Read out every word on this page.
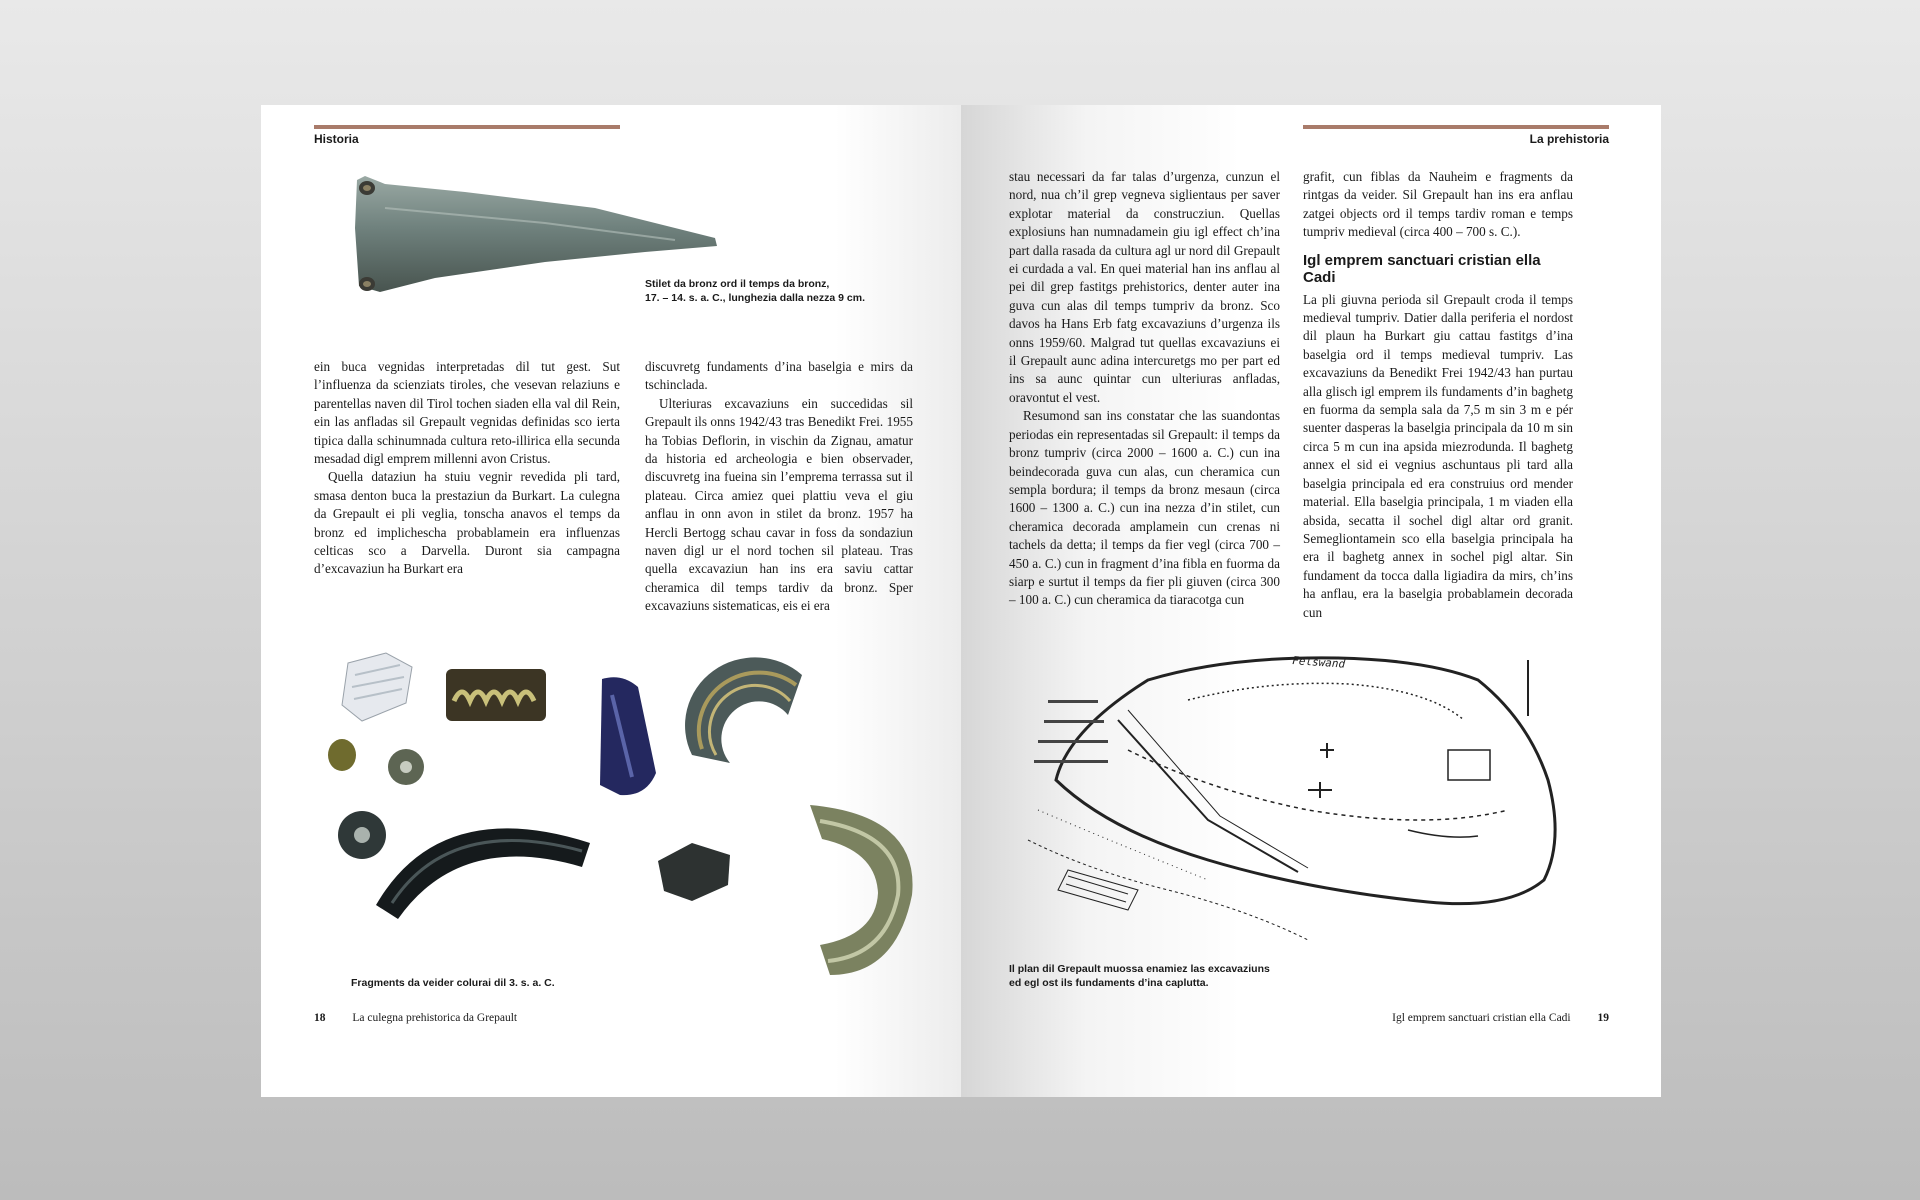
Historia
Stilet da bronz ord il temps da bronz,
17. – 14. s. a. C., lunghezia dalla nezza 9 cm.

ein buca vegnidas interpretadas dil tut gest. Sut l’influenza da scienziats tiroles, che vesevan relaziuns e parentellas naven dil Tirol tochen siaden ella val dil Rein, ein las anfladas sil Grepault vegnidas definidas sco ierta tipica dalla schinumnada cultura reto-illirica ella secunda mesadad digl emprem millenni avon Cristus.

Quella dataziun ha stuiu vegnir revedida pli tard, smasa denton buca la prestaziun da Burkart. La culegna da Grepault ei pli veglia, tonscha anavos el temps da bronz ed implichescha probablamein era influenzas celticas sco a Darvella. Duront sia campagna d’excavaziun ha Burkart era

discuvretg fundaments d’ina baselgia e mirs da tschinclada.

Ulteriuras excavaziuns ein succedidas sil Grepault ils onns 1942/43 tras Benedikt Frei. 1955 ha Tobias Deflorin, in vischin da Zignau, amatur da historia ed archeologia e bien observader, discuvretg ina fueina sin l’emprema terrassa sut il plateau. Circa amiez quei plattiu veva el giu anflau in onn avon in stilet da bronz. 1957 ha Hercli Bertogg schau cavar in foss da sondaziun naven digl ur el nord tochen sil plateau. Tras quella excavaziun han ins era saviu cattar cheramica dil temps tardiv da bronz. Sper excavaziuns sistematicas, eis ei era

Fragments da veider colurai dil 3. s. a. C.
18 La culegna prehistorica da Grepault
La prehistoria

stau necessari da far talas d’urgenza, cunzun el nord, nua ch’il grep vegneva siglientaus per saver explotar material da construcziun. Quellas explosiuns han numnadamein giu igl effect ch’ina part dalla rasada da cultura agl ur nord dil Grepault ei curdada a val. En quei material han ins anflau al pei dil grep fastitgs prehistorics, denter auter ina guva cun alas dil temps tumpriv da bronz. Sco davos ha Hans Erb fatg excavaziuns d’urgenza ils onns 1959/60. Malgrad tut quellas excavaziuns ei il Grepault aunc adina intercuretgs mo per part ed ins sa aunc quintar cun ulteriuras anfladas, oravontut el vest.

Resumond san ins constatar che las suandontas periodas ein representadas sil Grepault: il temps da bronz tumpriv (circa 2000 – 1600 a. C.) cun ina beindecorada guva cun alas, cun cheramica cun sempla bordura; il temps da bronz mesaun (circa 1600 – 1300 a. C.) cun ina nezza d’in stilet, cun cheramica decorada amplamein cun crenas ni tachels da detta; il temps da fier vegl (circa 700 – 450 a. C.) cun in fragment d’ina fibla en fuorma da siarp e surtut il temps da fier pli giuven (circa 300 – 100 a. C.) cun cheramica da tiaracotga cun

grafit, cun fiblas da Nauheim e fragments da rintgas da veider. Sil Grepault han ins era anflau zatgei objects ord il temps tardiv roman e temps tumpriv medieval (circa 400 – 700 s. C.).

Igl emprem sanctuari cristian ella Cadi

La pli giuvna perioda sil Grepault croda il temps medieval tumpriv. Datier dalla periferia el nordost dil plaun ha Burkart giu cattau fastitgs d’ina baselgia ord il temps medieval tumpriv. Las excavaziuns da Benedikt Frei 1942/43 han purtau alla glisch igl emprem ils fundaments d’in baghetg en fuorma da sempla sala da 7,5 m sin 3 m e pér suenter dasperas la baselgia principala da 10 m sin circa 5 m cun ina apsida miezrodunda. Il baghetg annex el sid ei vegnius aschuntaus pli tard alla baselgia principala ed era construius ord mender material. Ella baselgia principala, 1 m viaden ella absida, secatta il sochel digl altar ord granit. Semegliontamein sco ella baselgia principala ha era il baghetg annex in sochel pigl altar. Sin fundament da tocca dalla ligiadira da mirs, ch’ins ha anflau, era la baselgia probablamein decorada cun

Felswand
Il plan dil Grepault muossa enamiez las excavaziuns
ed egl ost ils fundaments d’ina caplutta.
Igl emprem sanctuari cristian ella Cadi 19
